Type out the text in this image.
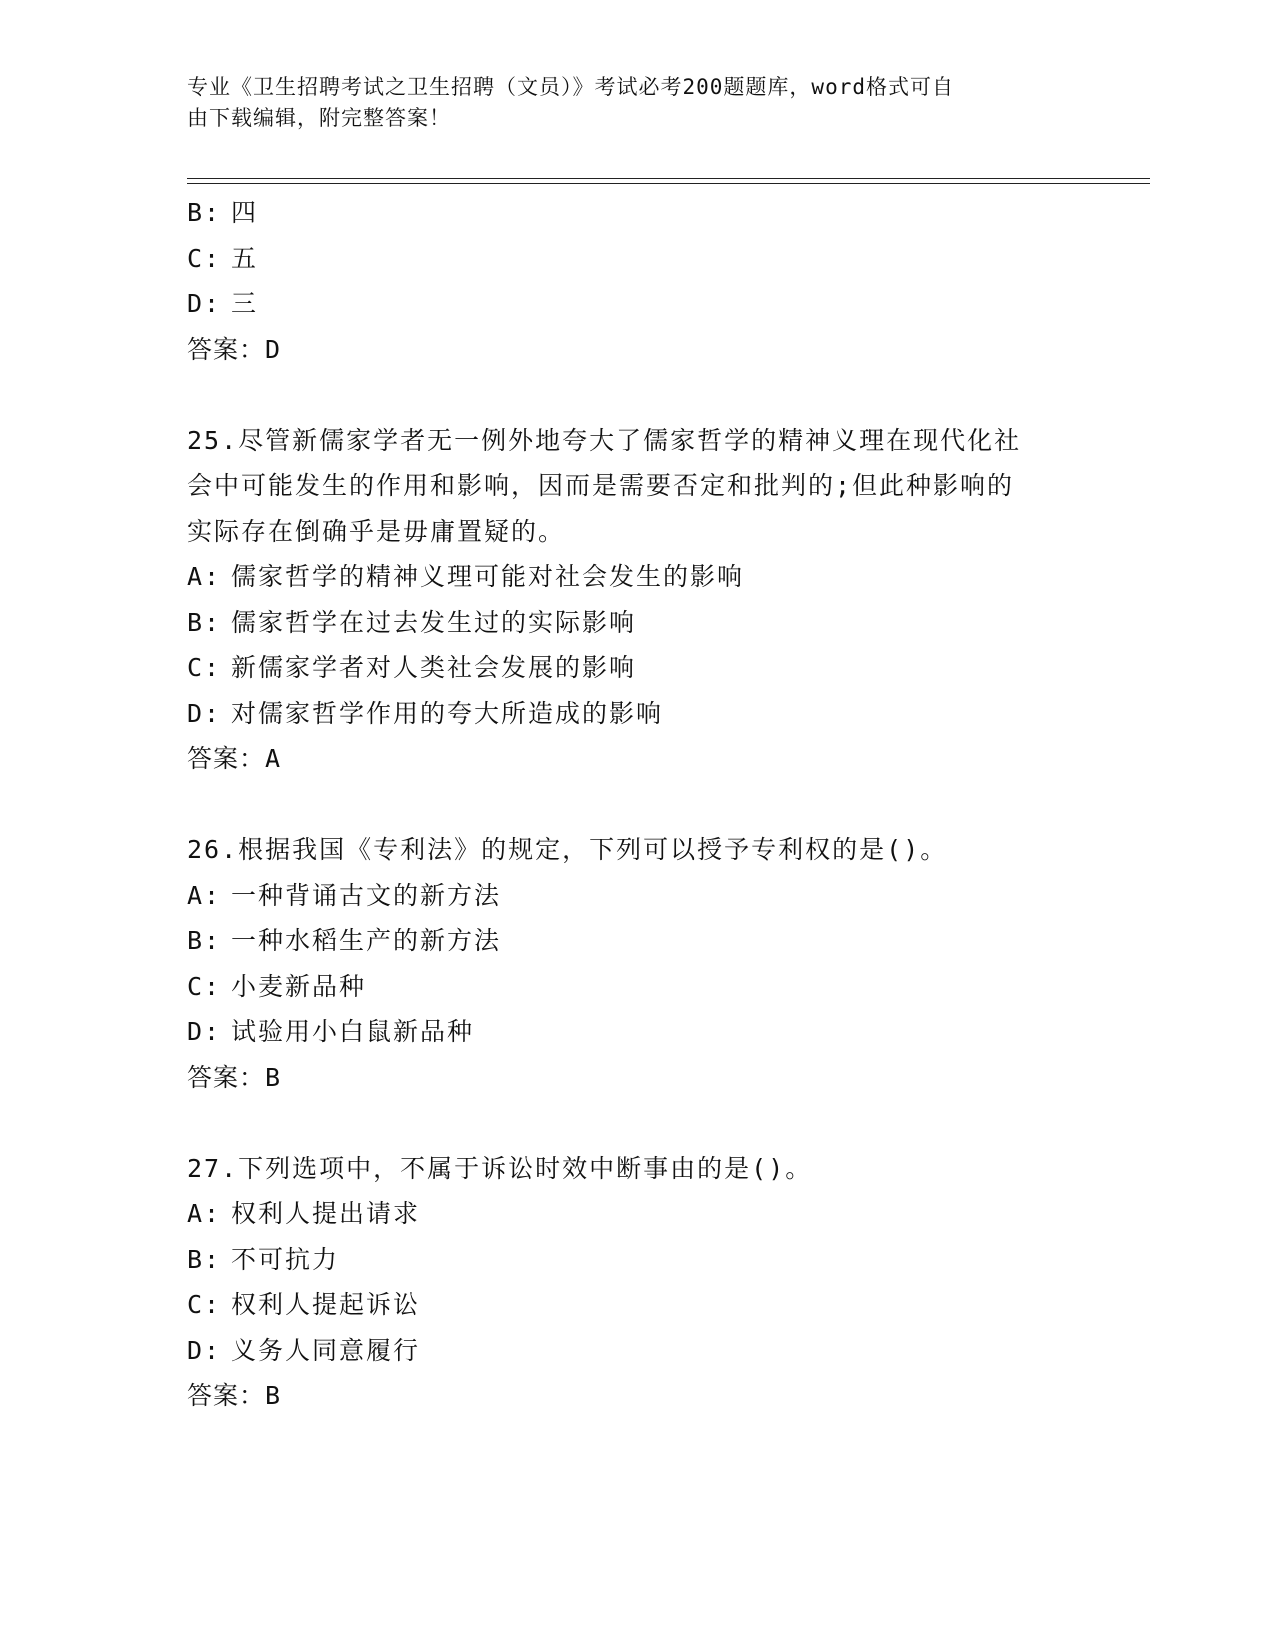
专业《卫生招聘考试之卫生招聘（文员）》考试必考200题题库，word格式可自
由下载编辑，附完整答案！
B: 四
C: 五
D: 三
答案：D
25.尽管新儒家学者无一例外地夸大了儒家哲学的精神义理在现代化社
会中可能发生的作用和影响，因而是需要否定和批判的;但此种影响的
实际存在倒确乎是毋庸置疑的。
A: 儒家哲学的精神义理可能对社会发生的影响
B: 儒家哲学在过去发生过的实际影响
C: 新儒家学者对人类社会发展的影响
D: 对儒家哲学作用的夸大所造成的影响
答案：A
26.根据我国《专利法》的规定，下列可以授予专利权的是()。
A: 一种背诵古文的新方法
B: 一种水稻生产的新方法
C: 小麦新品种
D: 试验用小白鼠新品种
答案：B
27.下列选项中，不属于诉讼时效中断事由的是()。
A: 权利人提出请求
B: 不可抗力
C: 权利人提起诉讼
D: 义务人同意履行
答案：B
